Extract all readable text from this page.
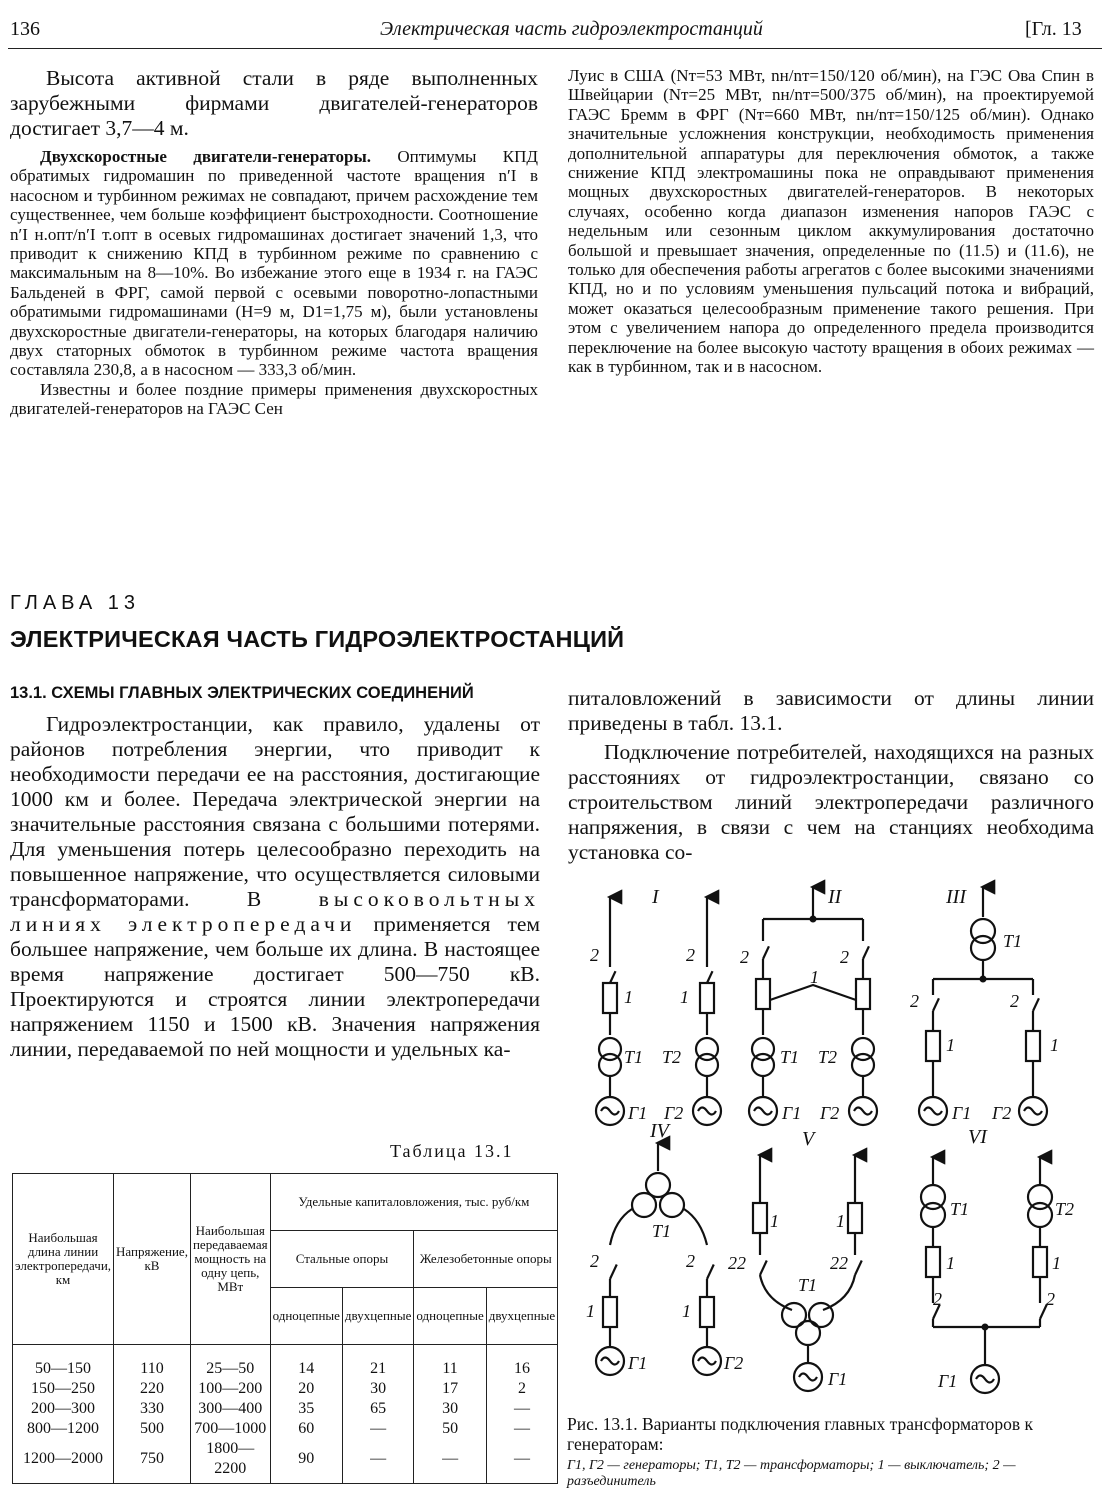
136	Электрическая часть гидроэлектростанций	[Гл. 13

Высота активной стали в ряде выполненных зарубежными фирмами двигателей-генераторов достигает 3,7—4 м.

Двухскоростные двигатели-генераторы. Оптимумы КПД обратимых гидромашин по приведенной частоте вращения n′I в насосном и турбинном режимах не совпадают, причем расхождение тем существеннее, чем больше коэффициент быстроходности. Соотношение n′I н.опт/n′I т.опт в осевых гидромашинах достигает значений 1,3, что приводит к снижению КПД в турбинном режиме по сравнению с максимальным на 8—10%. Во избежание этого еще в 1934 г. на ГАЭС Бальденей в ФРГ, самой первой с осевыми поворотно-лопастными обратимыми гидромашинами (H=9 м, D1=1,75 м), были установлены двухскоростные двигатели-генераторы, на которых благодаря наличию двух статорных обмоток в турбинном режиме частота вращения составляла 230,8, а в насосном — 333,3 об/мин.

Известны и более поздние примеры применения двухскоростных двигателей-генераторов на ГАЭС Сен

Луис в США (Nт=53 МВт, nн/nт=150/120 об/мин), на ГЭС Ова Спин в Швейцарии (Nт=25 МВт, nн/nт=500/375 об/мин), на проектируемой ГАЭС Бремм в ФРГ (Nт=660 МВт, nн/nт=150/125 об/мин). Однако значительные усложнения конструкции, необходимость применения дополнительной аппаратуры для переключения обмоток, а также снижение КПД электромашины пока не оправдывают применения мощных двухскоростных двигателей-генераторов. В некоторых случаях, особенно когда диапазон изменения напоров ГАЭС с недельным или сезонным циклом аккумулирования достаточно большой и превышает значения, определенные по (11.5) и (11.6), не только для обеспечения работы агрегатов с более высокими значениями КПД, но и по условиям уменьшения пульсаций потока и вибраций, может оказаться целесообразным применение такого решения. При этом с увеличением напора до определенного предела производится переключение на более высокую частоту вращения в обоих режимах — как в турбинном, так и в насосном.

ГЛАВА 13
ЭЛЕКТРИЧЕСКАЯ ЧАСТЬ ГИДРОЭЛЕКТРОСТАНЦИЙ
13.1. СХЕМЫ ГЛАВНЫХ ЭЛЕКТРИЧЕСКИХ СОЕДИНЕНИЙ

Гидроэлектростанции, как правило, удалены от районов потребления энергии, что приводит к необходимости передачи ее на расстояния, достигающие 1000 км и более. Передача электрической энергии на значительные расстояния связана с большими потерями. Для уменьшения потерь целесообразно переходить на повышенное напряжение, что осуществляется силовыми трансформаторами. В высоковольтных линиях электропередачи применяется тем большее напряжение, чем больше их длина. В настоящее время напряжение достигает 500—750 кВ. Проектируются и строятся линии электропередачи напряжением 1150 и 1500 кВ. Значения напряжения линии, передаваемой по ней мощности и удельных ка-

питаловложений в зависимости от длины линии приведены в табл. 13.1.

Подключение потребителей, находящихся на разных расстояниях от гидроэлектростанции, связано со строительством линий электропередачи различного напряжения, в связи с чем на станциях необходима установка со-

Таблица 13.1
Наибольшая длина линии электропередачи, км	Напряжение, кВ	Наибольшая передаваемая мощность на одну цепь, МВт	Удельные капиталовложения, тыс. руб/км			
			Стальные опоры		Железобетонные опоры	
			одноцепные	двухцепные	одноцепные	двухцепные
50—150	110	25—50	14	21	11	16
150—250	220	100—200	20	30	17	2
200—300	330	300—400	35	65	30	—
800—1200	500	700—1000	60	—	50	—
1200—2000	750	1800—2200	90	—	—	—
I	II	III
IV	V	VI
2	2
1	1
Т1 Т2
Г1 Г2
2	2
1
Т1 Т2
Г1 Г2
Т1
2	2
1	1
Г1 Г2
Т1
2	2
1	1
Г1	Г2
1	1
22	22
Т1
Г1
Т1	Т2
1	1
2	2
Г1
Рис. 13.1. Варианты подключения главных трансформаторов к генераторам:
Г1, Г2 — генераторы; Т1, Т2 — трансформаторы; 1 — выключатель; 2 — разъединитель
